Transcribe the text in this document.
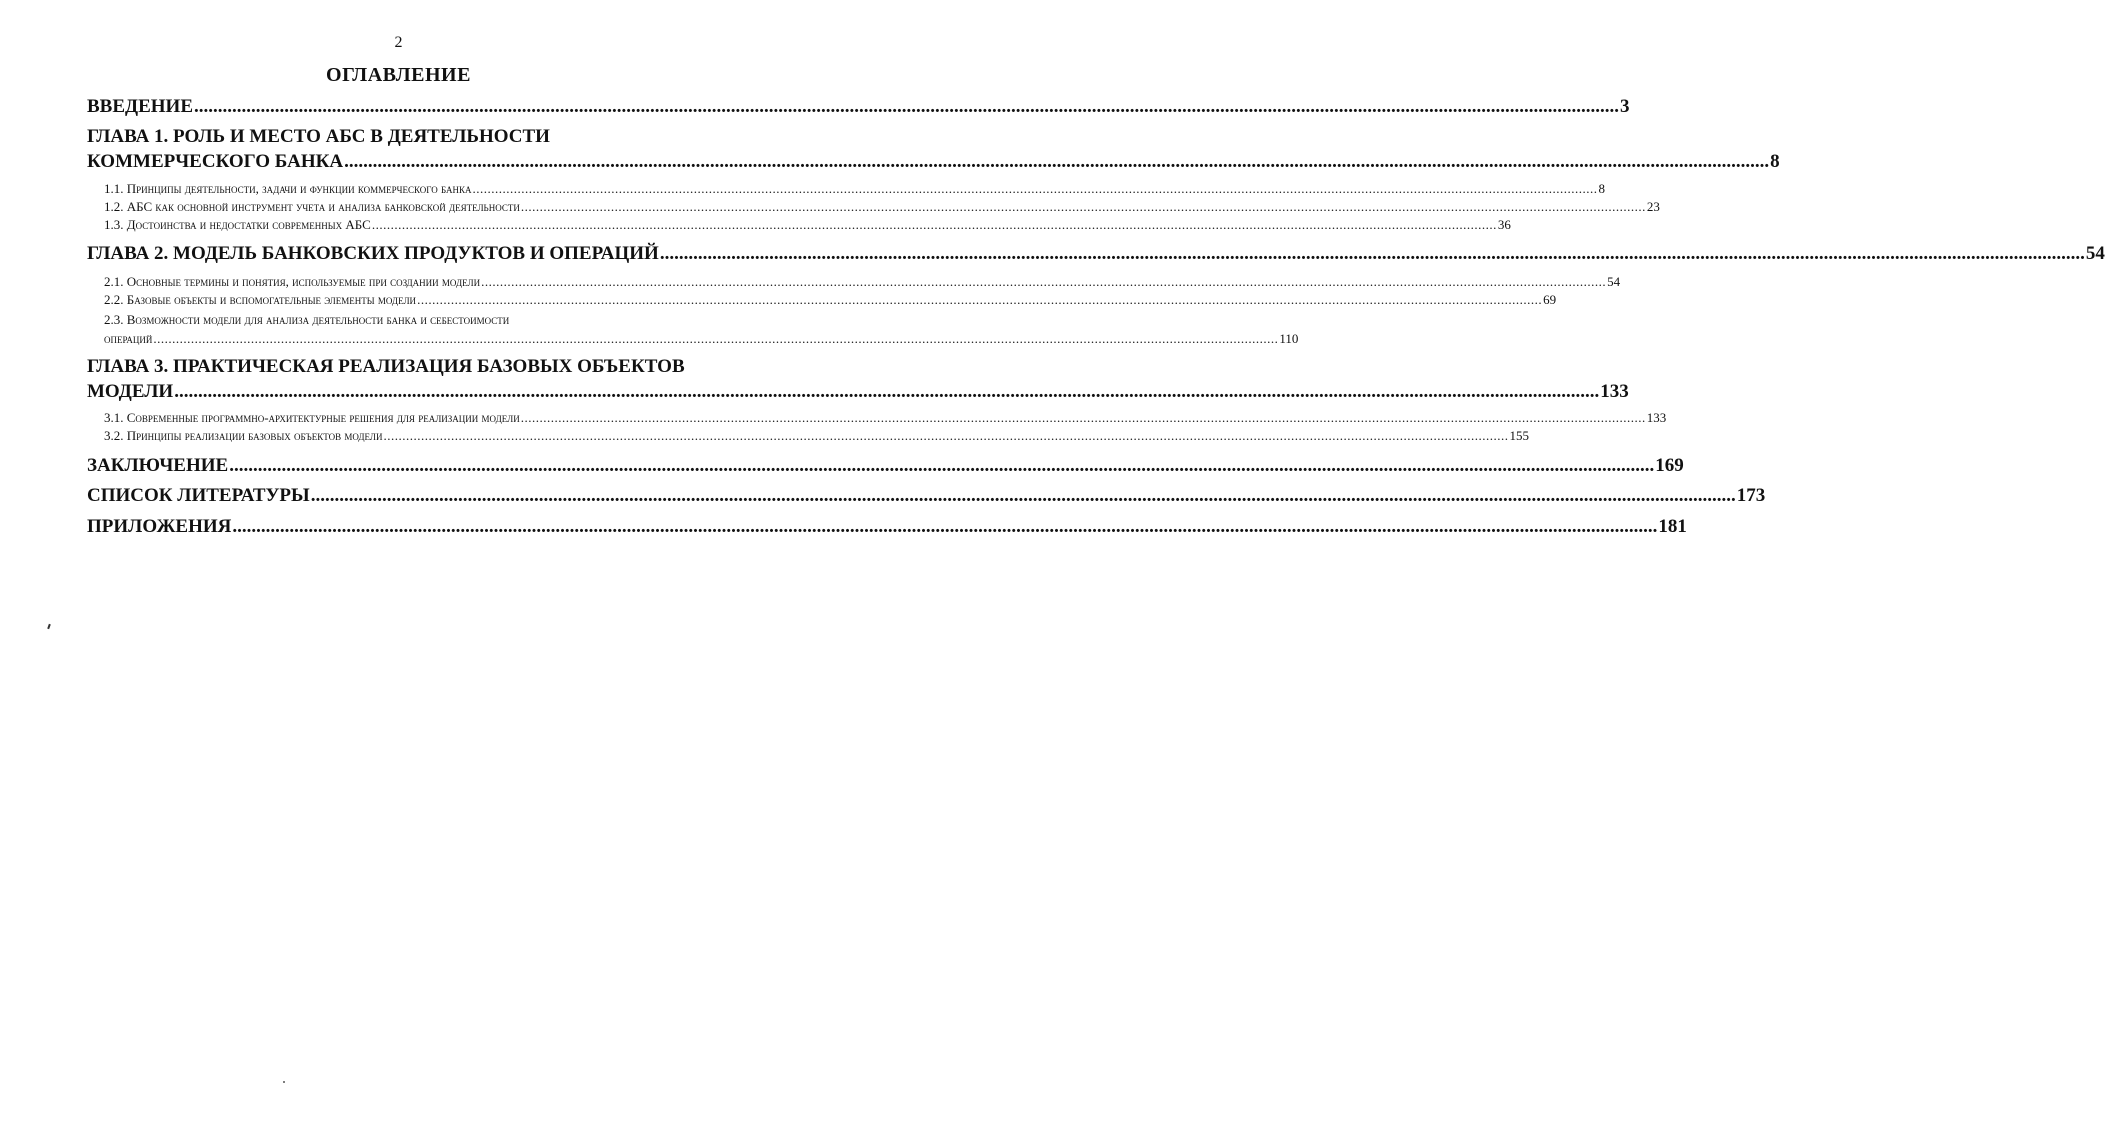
2
ОГЛАВЛЕНИЕ
ВВЕДЕНИЕ ............................................................................................................................................................................................................................................................................................................ 3
ГЛАВА 1. РОЛЬ И МЕСТО АБС В ДЕЯТЕЛЬНОСТИ
КОММЕРЧЕСКОГО БАНКА ............................................................................................................................................................................................................................................................................................................ 8
1.1. Принципы деятельности, задачи и функции коммерческого банка ............................................................................................................................................................................................................................................................................................................ 8
1.2. АБС как основной инструмент учета и анализа банковской деятельности ............................................................................................................................................................................................................................................................................................................ 23
1.3. Достоинства и недостатки современных АБС ............................................................................................................................................................................................................................................................................................................ 36
ГЛАВА 2. МОДЕЛЬ БАНКОВСКИХ ПРОДУКТОВ И ОПЕРАЦИЙ ............................................................................................................................................................................................................................................................................................................ 54
2.1. Основные термины и понятия, используемые при создании модели ............................................................................................................................................................................................................................................................................................................ 54
2.2. Базовые объекты и вспомогательные элементы модели ............................................................................................................................................................................................................................................................................................................ 69
2.3. Возможности модели для анализа деятельности банка и себестоимости
операций ............................................................................................................................................................................................................................................................................................................ 110
ГЛАВА 3. ПРАКТИЧЕСКАЯ РЕАЛИЗАЦИЯ БАЗОВЫХ ОБЪЕКТОВ
МОДЕЛИ ............................................................................................................................................................................................................................................................................................................ 133
3.1. Современные программно-архитектурные решения для реализации модели ............................................................................................................................................................................................................................................................................................................ 133
3.2. Принципы реализации базовых объектов модели ............................................................................................................................................................................................................................................................................................................ 155
ЗАКЛЮЧЕНИЕ ............................................................................................................................................................................................................................................................................................................ 169
СПИСОК ЛИТЕРАТУРЫ ............................................................................................................................................................................................................................................................................................................ 173
ПРИЛОЖЕНИЯ ............................................................................................................................................................................................................................................................................................................ 181
